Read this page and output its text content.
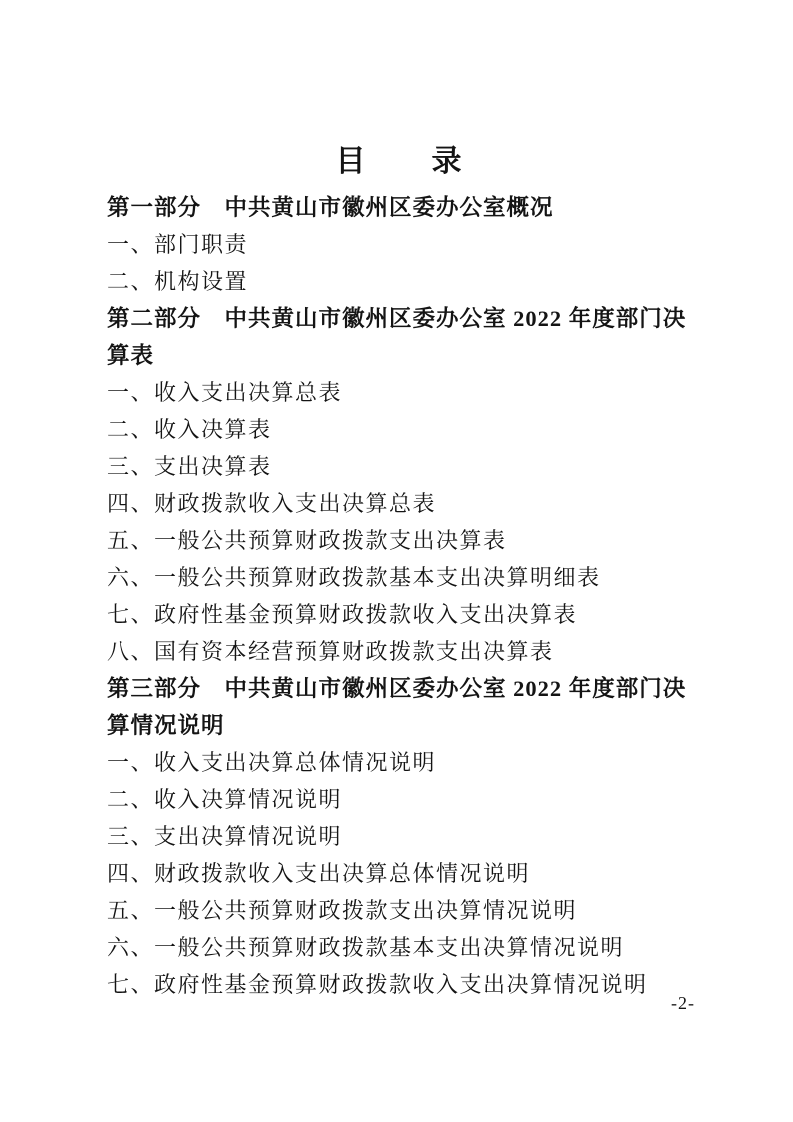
目　　录
第一部分　中共黄山市徽州区委办公室概况
一、部门职责
二、机构设置
第二部分　中共黄山市徽州区委办公室 2022 年度部门决算表
一、收入支出决算总表
二、收入决算表
三、支出决算表
四、财政拨款收入支出决算总表
五、一般公共预算财政拨款支出决算表
六、一般公共预算财政拨款基本支出决算明细表
七、政府性基金预算财政拨款收入支出决算表
八、国有资本经营预算财政拨款支出决算表
第三部分　中共黄山市徽州区委办公室 2022 年度部门决算情况说明
一、收入支出决算总体情况说明
二、收入决算情况说明
三、支出决算情况说明
四、财政拨款收入支出决算总体情况说明
五、一般公共预算财政拨款支出决算情况说明
六、一般公共预算财政拨款基本支出决算情况说明
七、政府性基金预算财政拨款收入支出决算情况说明
-2-
